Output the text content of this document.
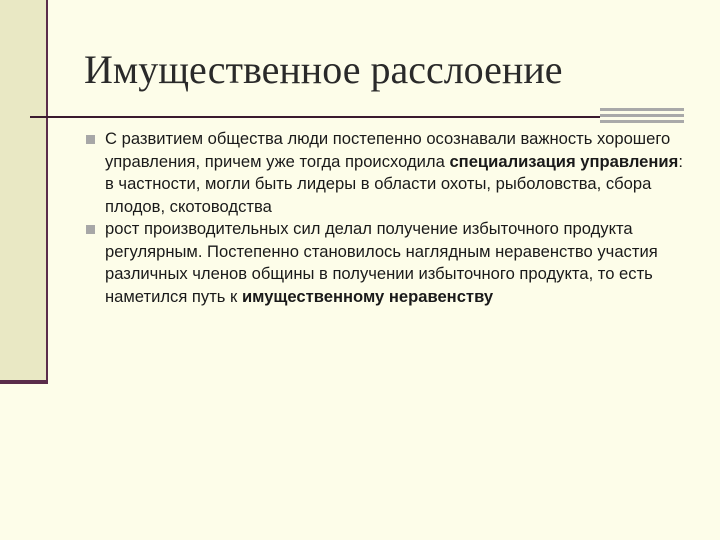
Имущественное расслоение
С развитием общества люди постепенно осознавали важность хорошего управления, причем уже тогда происходила специализация управления: в частности, могли быть лидеры в области охоты, рыболовства, сбора плодов, скотоводства
рост производительных сил делал получение избыточного продукта регулярным. Постепенно становилось наглядным неравенство участия различных членов общины в получении избыточного продукта, то есть наметился путь к имущественному неравенству
